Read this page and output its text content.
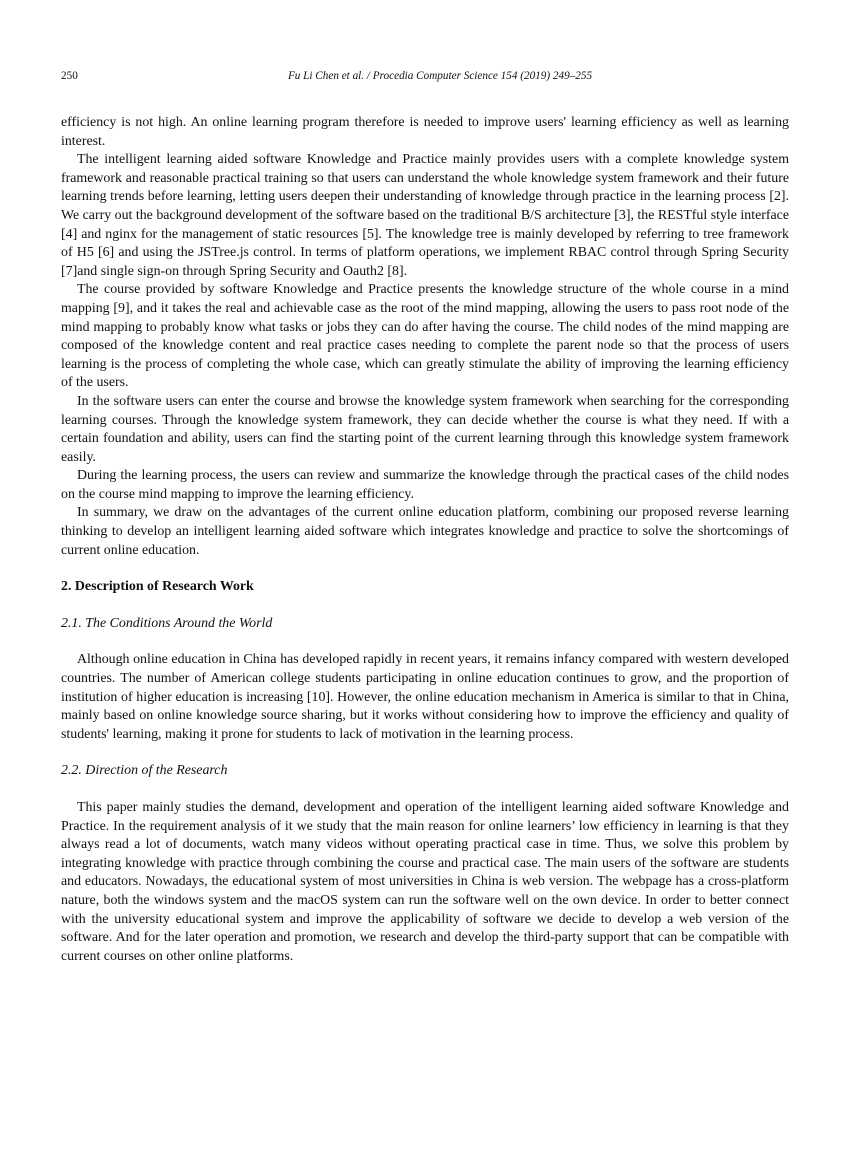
250	Fu Li Chen et al. / Procedia Computer Science 154 (2019) 249–255

efficiency is not high. An online learning program therefore is needed to improve users' learning efficiency as well as learning interest.

The intelligent learning aided software Knowledge and Practice mainly provides users with a complete knowledge system framework and reasonable practical training so that users can understand the whole knowledge system framework and their future learning trends before learning, letting users deepen their understanding of knowledge through practice in the learning process [2]. We carry out the background development of the software based on the traditional B/S architecture [3], the RESTful style interface [4] and nginx for the management of static resources [5]. The knowledge tree is mainly developed by referring to tree framework of H5 [6] and using the JSTree.js control. In terms of platform operations, we implement RBAC control through Spring Security [7]and single sign-on through Spring Security and Oauth2 [8].

The course provided by software Knowledge and Practice presents the knowledge structure of the whole course in a mind mapping [9], and it takes the real and achievable case as the root of the mind mapping, allowing the users to pass root node of the mind mapping to probably know what tasks or jobs they can do after having the course. The child nodes of the mind mapping are composed of the knowledge content and real practice cases needing to complete the parent node so that the process of users learning is the process of completing the whole case, which can greatly stimulate the ability of improving the learning efficiency of the users.

In the software users can enter the course and browse the knowledge system framework when searching for the corresponding learning courses. Through the knowledge system framework, they can decide whether the course is what they need. If with a certain foundation and ability, users can find the starting point of the current learning through this knowledge system framework easily.

During the learning process, the users can review and summarize the knowledge through the practical cases of the child nodes on the course mind mapping to improve the learning efficiency.

In summary, we draw on the advantages of the current online education platform, combining our proposed reverse learning thinking to develop an intelligent learning aided software which integrates knowledge and practice to solve the shortcomings of current online education.

2. Description of Research Work
2.1. The Conditions Around the World

Although online education in China has developed rapidly in recent years, it remains infancy compared with western developed countries. The number of American college students participating in online education continues to grow, and the proportion of institution of higher education is increasing [10]. However, the online education mechanism in America is similar to that in China, mainly based on online knowledge source sharing, but it works without considering how to improve the efficiency and quality of students' learning, making it prone for students to lack of motivation in the learning process.

2.2. Direction of the Research

This paper mainly studies the demand, development and operation of the intelligent learning aided software Knowledge and Practice. In the requirement analysis of it we study that the main reason for online learners’ low efficiency in learning is that they always read a lot of documents, watch many videos without operating practical case in time. Thus, we solve this problem by integrating knowledge with practice through combining the course and practical case. The main users of the software are students and educators. Nowadays, the educational system of most universities in China is web version. The webpage has a cross-platform nature, both the windows system and the macOS system can run the software well on the own device. In order to better connect with the university educational system and improve the applicability of software we decide to develop a web version of the software. And for the later operation and promotion, we research and develop the third-party support that can be compatible with current courses on other online platforms.
